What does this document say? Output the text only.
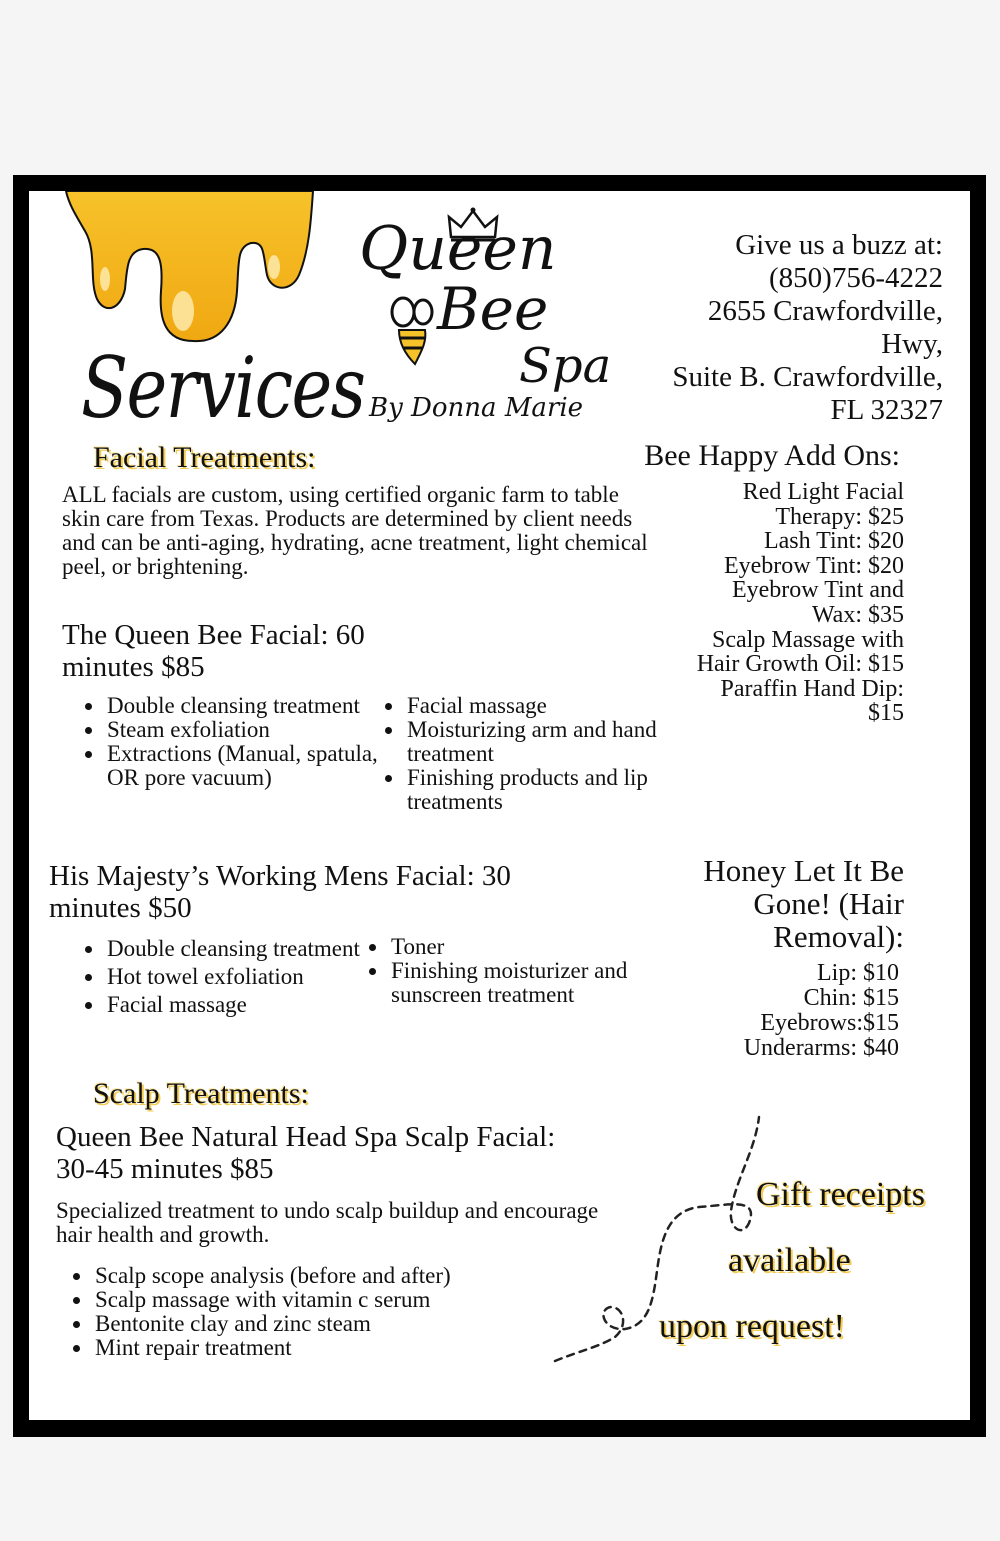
Services
Queen
Bee
Spa
By Donna Marie
Give us a buzz at:
(850)756-4222
2655 Crawfordville,
Hwy,
Suite B. Crawfordville,
FL 32327
Facial Treatments:
ALL facials are custom, using certified organic farm to table skin care from Texas. Products are determined by client needs and can be anti-aging, hydrating, acne treatment, light chemical peel, or brightening.
The Queen Bee Facial: 60 minutes $85
• Double cleansing treatment
• Steam exfoliation
• Extractions (Manual, spatula, OR pore vacuum)
• Facial massage
• Moisturizing arm and hand treatment
• Finishing products and lip treatments
His Majesty’s Working Mens Facial: 30 minutes $50
• Double cleansing treatment
• Hot towel exfoliation
• Facial massage
• Toner
• Finishing moisturizer and sunscreen treatment
Bee Happy Add Ons:
Red Light Facial Therapy: $25
Lash Tint: $20
Eyebrow Tint: $20
Eyebrow Tint and Wax: $35
Scalp Massage with Hair Growth Oil: $15
Paraffin Hand Dip: $15
Honey Let It Be Gone! (Hair Removal):
Lip: $10
Chin: $15
Eyebrows:$15
Underarms: $40
Scalp Treatments:
Queen Bee Natural Head Spa Scalp Facial: 30-45 minutes $85
Specialized treatment to undo scalp buildup and encourage hair health and growth.
• Scalp scope analysis (before and after)
• Scalp massage with vitamin c serum
• Bentonite clay and zinc steam
• Mint repair treatment
Gift receipts
available
upon request!
